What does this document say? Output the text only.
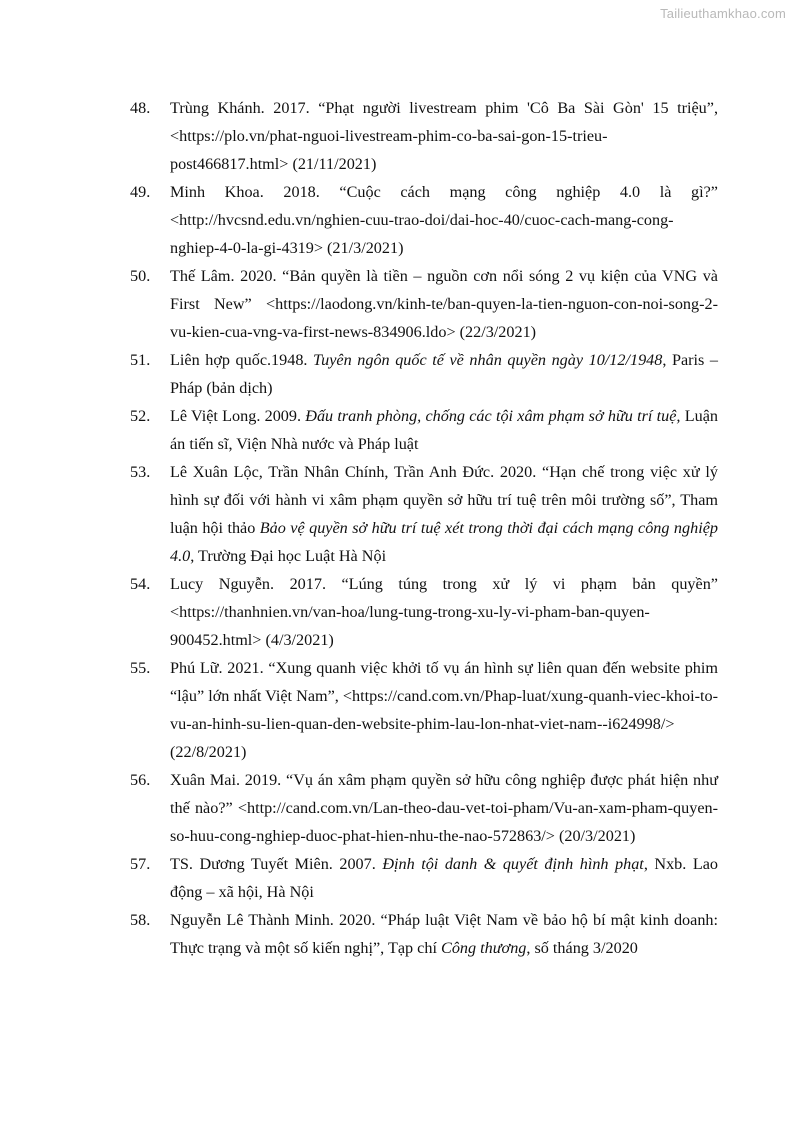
Tailieuthamkhao.com
48.	Trùng Khánh. 2017. “Phạt người livestream phim 'Cô Ba Sài Gòn' 15 triệu”, <https://plo.vn/phat-nguoi-livestream-phim-co-ba-sai-gon-15-trieu-post466817.html> (21/11/2021)
49.	Minh Khoa. 2018. “Cuộc cách mạng công nghiệp 4.0 là gì?” <http://hvcsnd.edu.vn/nghien-cuu-trao-doi/dai-hoc-40/cuoc-cach-mang-cong-nghiep-4-0-la-gi-4319> (21/3/2021)
50.	Thế Lâm. 2020. “Bản quyền là tiền – nguồn cơn nổi sóng 2 vụ kiện của VNG và First New” <https://laodong.vn/kinh-te/ban-quyen-la-tien-nguon-con-noi-song-2-vu-kien-cua-vng-va-first-news-834906.ldo> (22/3/2021)
51.	Liên hợp quốc.1948. Tuyên ngôn quốc tế về nhân quyền ngày 10/12/1948, Paris – Pháp (bản dịch)
52.	Lê Việt Long. 2009. Đấu tranh phòng, chống các tội xâm phạm sở hữu trí tuệ, Luận án tiến sĩ, Viện Nhà nước và Pháp luật
53.	Lê Xuân Lộc, Trần Nhân Chính, Trần Anh Đức. 2020. “Hạn chế trong việc xử lý hình sự đối với hành vi xâm phạm quyền sở hữu trí tuệ trên môi trường số”, Tham luận hội thảo Bảo vệ quyền sở hữu trí tuệ xét trong thời đại cách mạng công nghiệp 4.0, Trường Đại học Luật Hà Nội
54.	Lucy Nguyễn. 2017. “Lúng túng trong xử lý vi phạm bản quyền” <https://thanhnien.vn/van-hoa/lung-tung-trong-xu-ly-vi-pham-ban-quyen-900452.html> (4/3/2021)
55.	Phú Lữ. 2021. “Xung quanh việc khởi tố vụ án hình sự liên quan đến website phim “lậu” lớn nhất Việt Nam”, <https://cand.com.vn/Phap-luat/xung-quanh-viec-khoi-to-vu-an-hinh-su-lien-quan-den-website-phim-lau-lon-nhat-viet-nam--i624998/> (22/8/2021)
56.	Xuân Mai. 2019. “Vụ án xâm phạm quyền sở hữu công nghiệp được phát hiện như thế nào?” <http://cand.com.vn/Lan-theo-dau-vet-toi-pham/Vu-an-xam-pham-quyen-so-huu-cong-nghiep-duoc-phat-hien-nhu-the-nao-572863/> (20/3/2021)
57.	TS. Dương Tuyết Miên. 2007. Định tội danh & quyết định hình phạt, Nxb. Lao động – xã hội, Hà Nội
58.	Nguyễn Lê Thành Minh. 2020. “Pháp luật Việt Nam về bảo hộ bí mật kinh doanh: Thực trạng và một số kiến nghị”, Tạp chí Công thương, số tháng 3/2020
